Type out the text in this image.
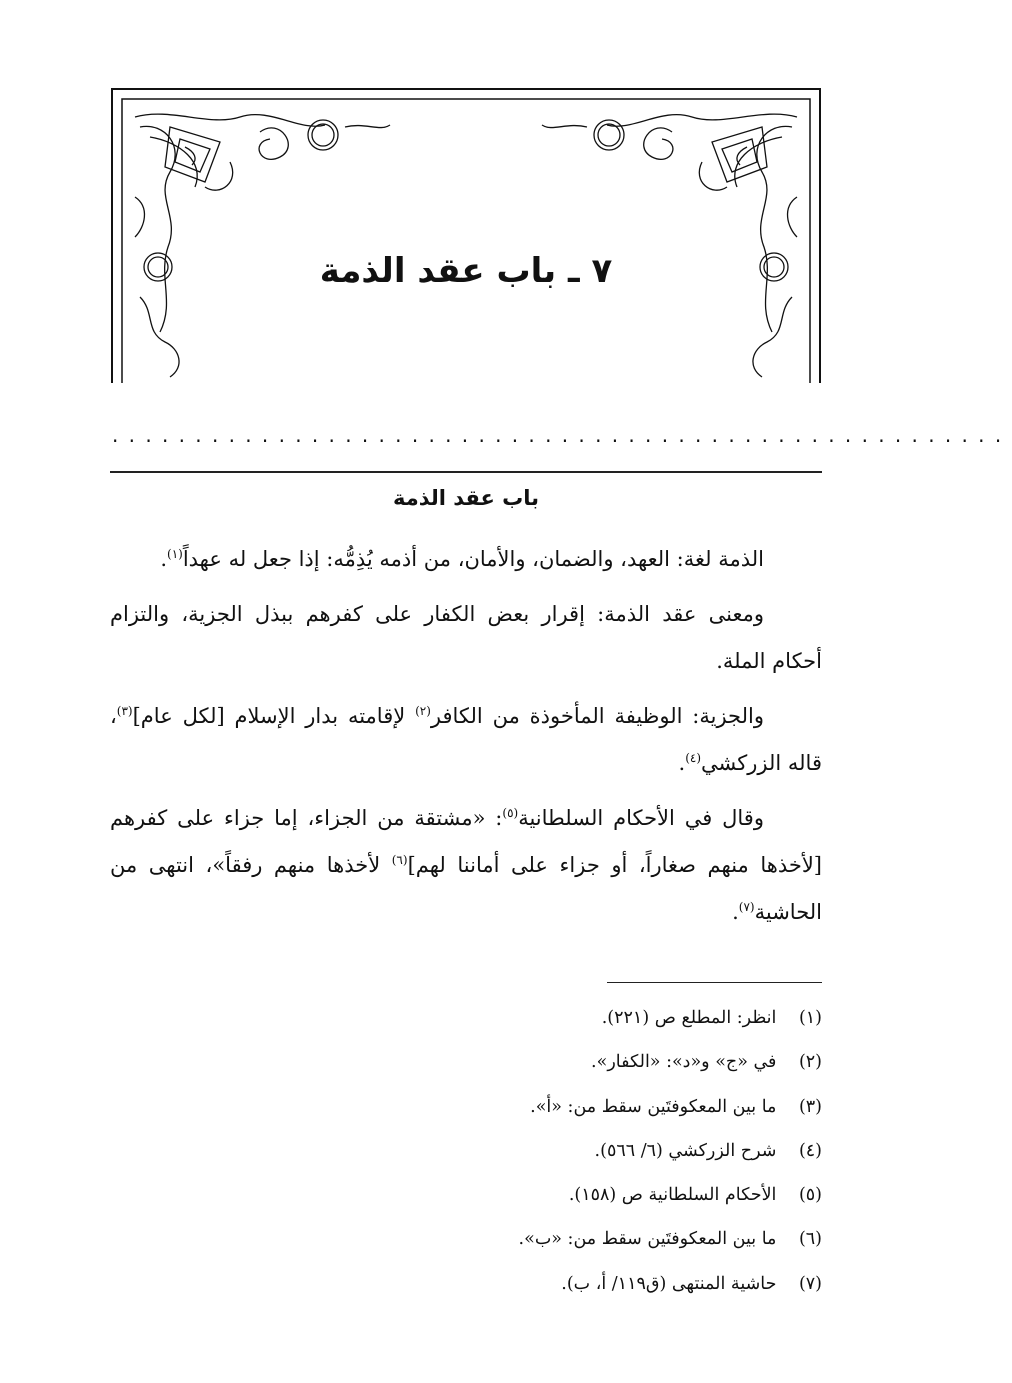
٧ ـ باب عقد الذمة
......................................................
باب عقد الذمة

الذمة لغة: العهد، والضمان، والأمان، من أذمه يُذِمُّه: إذا جعل له عهداً$^{(١)}$.

ومعنى عقد الذمة: إقرار بعض الكفار على كفرهم ببذل الجزية، والتزام أحكام الملة.

والجزية: الوظيفة المأخوذة من الكافر$^{(٢)}$ لإقامته بدار الإسلام [لكل عام]$^{(٣)}$، قاله الزركشي$^{(٤)}$.

وقال في الأحكام السلطانية$^{(٥)}$: «مشتقة من الجزاء، إما جزاء على كفرهم [لأخذها منهم صغاراً، أو جزاء على أماننا لهم]$^{(٦)}$ لأخذها منهم رفقاً»، انتهى من الحاشية$^{(٧)}$.

(١) انظر: المطلع ص (٢٢١).
(٢) في «ج» و«د»: «الكفار».
(٣) ما بين المعكوفتَين سقط من: «أ».
(٤) شرح الزركشي (٦/ ٥٦٦).
(٥) الأحكام السلطانية ص (١٥٨).
(٦) ما بين المعكوفتَين سقط من: «ب».
(٧) حاشية المنتهى (ق١١٩/ أ، ب).
